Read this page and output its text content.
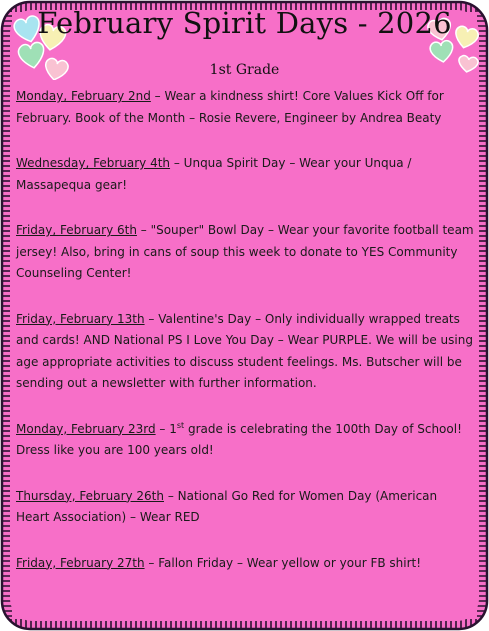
February Spirit Days - 2026
1st Grade

Monday, February 2nd – Wear a kindness shirt! Core Values Kick Off for February. Book of the Month – Rosie Revere, Engineer by Andrea Beaty

Wednesday, February 4th – Unqua Spirit Day – Wear your Unqua / Massapequa gear!

Friday, February 6th – "Souper" Bowl Day – Wear your favorite football team jersey! Also, bring in cans of soup this week to donate to YES Community Counseling Center!

Friday, February 13th – Valentine's Day – Only individually wrapped treats and cards! AND National PS I Love You Day – Wear PURPLE. We will be using age appropriate activities to discuss student feelings. Ms. Butscher will be sending out a newsletter with further information.

Monday, February 23rd – 1st grade is celebrating the 100th Day of School! Dress like you are 100 years old!

Thursday, February 26th – National Go Red for Women Day (American Heart Association) – Wear RED

Friday, February 27th – Fallon Friday – Wear yellow or your FB shirt!
